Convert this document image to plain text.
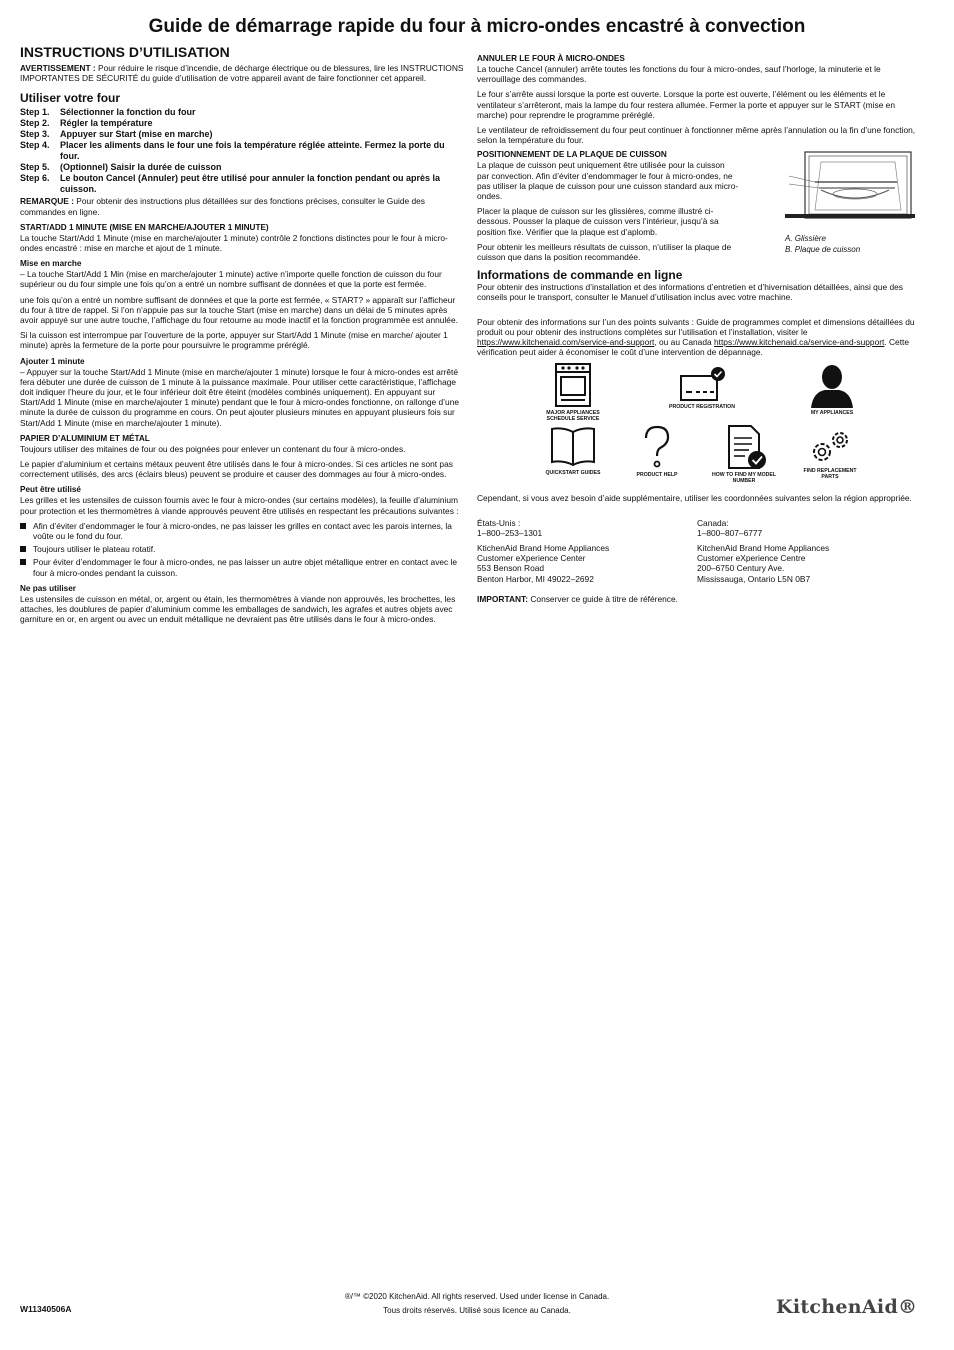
Guide de démarrage rapide du four à micro-ondes encastré à convection
INSTRUCTIONS D’UTILISATION

AVERTISSEMENT : Pour réduire le risque d’incendie, de décharge électrique ou de blessures, lire les INSTRUCTIONS IMPORTANTES DE SÉCURITÉ du guide d’utilisation de votre appareil avant de faire fonctionner cet appareil.

Utiliser votre four
Step 1.	Sélectionner la fonction du four
Step 2.	Régler la température
Step 3.	Appuyer sur Start (mise en marche)
Step 4.	Placer les aliments dans le four une fois la température réglée atteinte. Fermez la porte du four.
Step 5.	(Optionnel) Saisir la durée de cuisson
Step 6.	Le bouton Cancel (Annuler) peut être utilisé pour annuler la fonction pendant ou après la cuisson.

REMARQUE : Pour obtenir des instructions plus détaillées sur des fonctions précises, consulter le Guide des commandes en ligne.

START/ADD 1 MINUTE (MISE EN MARCHE/AJOUTER 1 MINUTE)

La touche Start/Add 1 Minute (mise en marche/ajouter 1 minute) contrôle 2 fonctions distinctes pour le four à micro-ondes encastré : mise en marche et ajout de 1 minute.

Mise en marche

– La touche Start/Add 1 Min (mise en marche/ajouter 1 minute) active n’importe quelle fonction de cuisson du four supérieur ou du four simple une fois qu’on a entré un nombre suffisant de données et que la porte est fermée.

une fois qu’on a entré un nombre suffisant de données et que la porte est fermée, « START? » apparaît sur l’afficheur du four à titre de rappel. Si l’on n’appuie pas sur la touche Start (mise en marche) dans un délai de 5 minutes après avoir appuyé sur une autre touche, l’affichage du four retourne au mode inactif et la fonction programmée est annulée.

Si la cuisson est interrompue par l’ouverture de la porte, appuyer sur Start/Add 1 Minute (mise en marche/ ajouter 1 minute) après la fermeture de la porte pour poursuivre le programme préréglé.

Ajouter 1 minute

– Appuyer sur la touche Start/Add 1 Minute (mise en marche/ajouter 1 minute) lorsque le four à micro-ondes est arrêté fera débuter une durée de cuisson de 1 minute à la puissance maximale. Pour utiliser cette caractéristique, l’affichage doit indiquer l’heure du jour, et le four inférieur doit être éteint (modèles combinés uniquement). En appuyant sur Start/Add 1 Minute (mise en marche/ajouter 1 minute) pendant que le four à micro-ondes fonctionne, on rallonge d’une minute la durée de cuisson du programme en cours. On peut ajouter plusieurs minutes en appuyant plusieurs fois sur Start/Add 1 Minute (mise en marche/ajouter 1 minute).

PAPIER D’ALUMINIUM ET MÉTAL

Toujours utiliser des mitaines de four ou des poignées pour enlever un contenant du four à micro-ondes.

Le papier d’aluminium et certains métaux peuvent être utilisés dans le four à micro-ondes. Si ces articles ne sont pas correctement utilisés, des arcs (éclairs bleus) peuvent se produire et causer des dommages au four à micro-ondes.

Peut être utilisé

Les grilles et les ustensiles de cuisson fournis avec le four à micro-ondes (sur certains modèles), la feuille d’aluminium pour protection et les thermomètres à viande approuvés peuvent être utilisés en respectant les précautions suivantes :

Afin d’éviter d’endommager le four à micro-ondes, ne pas laisser les grilles en contact avec les parois internes, la voûte ou le fond du four.
Toujours utiliser le plateau rotatif.
Pour éviter d’endommager le four à micro-ondes, ne pas laisser un autre objet métallique entrer en contact avec le four à micro-ondes pendant la cuisson.
Ne pas utiliser

Les ustensiles de cuisson en métal, or, argent ou étain, les thermomètres à viande non approuvés, les brochettes, les attaches, les doublures de papier d’aluminium comme les emballages de sandwich, les agrafes et autres objets avec garniture en or, en argent ou avec un enduit métallique ne devraient pas être utilisés dans le four à micro-ondes.

ANNULER LE FOUR À MICRO-ONDES

La touche Cancel (annuler) arrête toutes les fonctions du four à micro-ondes, sauf l’horloge, la minuterie et le verrouillage des commandes.

Le four s’arrête aussi lorsque la porte est ouverte. Lorsque la porte est ouverte, l’élément ou les éléments et le ventilateur s’arrêteront, mais la lampe du four restera allumée. Fermer la porte et appuyer sur le START (mise en marche) pour reprendre le programme préréglé.

Le ventilateur de refroidissement du four peut continuer à fonctionner même après l’annulation ou la fin d’une fonction, selon la température du four.

POSITIONNEMENT DE LA PLAQUE DE CUISSON

La plaque de cuisson peut uniquement être utilisée pour la cuisson par convection. Afin d’éviter d’endommager le four à micro-ondes, ne pas utiliser la plaque de cuisson pour une cuisson standard aux micro-ondes.

Placer la plaque de cuisson sur les glissières, comme illustré ci-dessous. Pousser la plaque de cuisson vers l’intérieur, jusqu’à sa position fixe. Vérifier que la plaque est d’aplomb.

Pour obtenir les meilleurs résultats de cuisson, n’utiliser la plaque de cuisson que dans la position recommandée.

Informations de commande en ligne

Pour obtenir des instructions d’installation et des informations d’entretien et d’hivernisation détaillées, ainsi que des conseils pour le transport, consulter le Manuel d’utilisation inclus avec votre machine.

Pour obtenir des informations sur l’un des points suivants : Guide de programmes complet et dimensions détaillées du produit ou pour obtenir des instructions complètes sur l’utilisation et l’installation, visiter le https://www.kitchenaid.com/service-and-support, ou au Canada https://www.kitchenaid.ca/service-and-support. Cette vérification peut aider à économiser le coût d’une intervention de dépannage.

MAJOR APPLIANCES SCHEDULE SERVICE
PRODUCT REGISTRATION
MY APPLIANCES
QUICKSTART GUIDES	PRODUCT HELP	HOW TO FIND MY MODEL NUMBER
FIND REPLACEMENT PARTS

Cependant, si vous avez besoin d’aide supplémentaire, utiliser les coordonnées suivantes selon la région appropriée.

États-Unis :
1–800–253–1301
KtichenAid Brand Home Appliances
Customer eXperience Center
553 Benson Road
Benton Harbor, MI 49022–2692
Canada:
1–800–807–6777
KitchenAid Brand Home Appliances
Customer eXperience Centre
200–6750 Century Ave.
Mississauga, Ontario L5N 0B7

IMPORTANT: Conserver ce guide à titre de référence.

A. Glissière
B. Plaque de cuisson
®/™ ©2020 KitchenAid. All rights reserved. Used under license in Canada.
Tous droits réservés. Utilisé sous licence au Canada.
W11340506A	KitchenAid®
